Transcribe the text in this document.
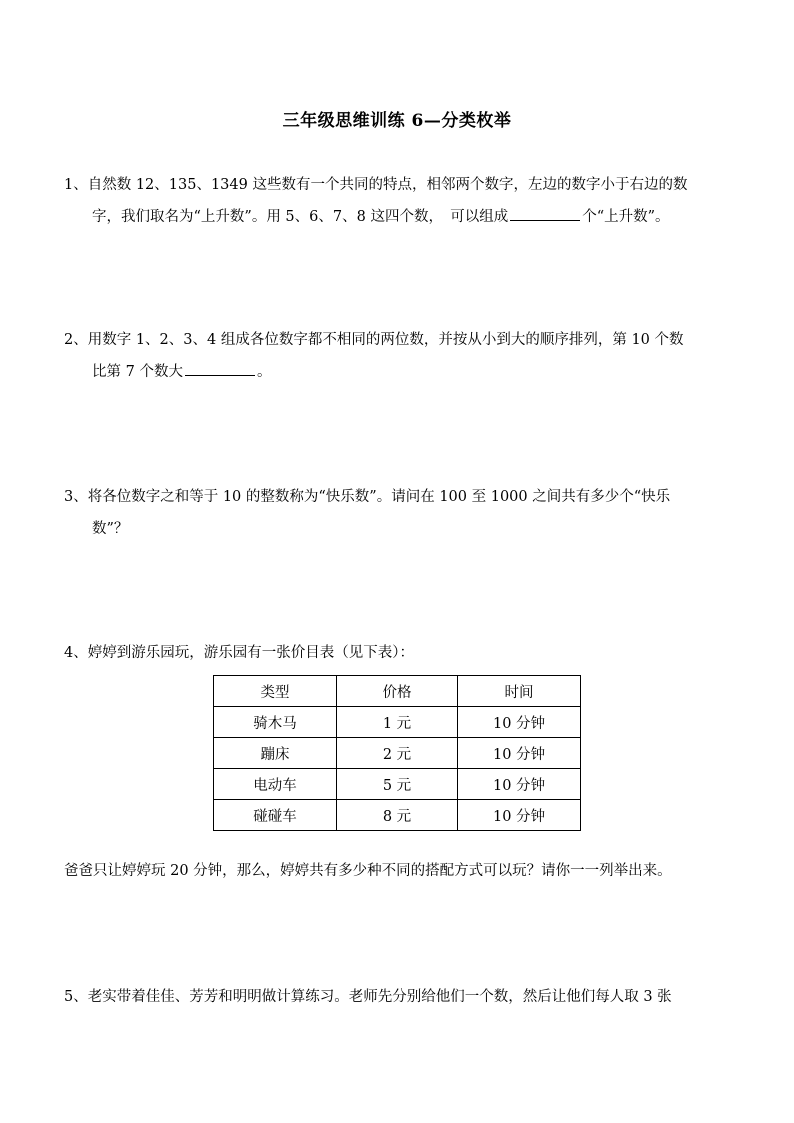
三年级思维训练 6—分类枚举
1、自然数 12、135、1349 这些数有一个共同的特点，相邻两个数字，左边的数字小于右边的数
字，我们取名为“上升数”。用 5、6、7、8 这四个数，　可以组成	个“上升数”。
2、用数字 1、2、3、4 组成各位数字都不相同的两位数，并按从小到大的顺序排列，第 10 个数
比第 7 个数大	。
3、将各位数字之和等于 10 的整数称为“快乐数”。请问在 100 至 1000 之间共有多少个“快乐
数”？
4、婷婷到游乐园玩，游乐园有一张价目表（见下表）：
类型	价格	时间
骑木马	1 元	10 分钟
蹦床	2 元	10 分钟
电动车	5 元	10 分钟
碰碰车	8 元	10 分钟
爸爸只让婷婷玩 20 分钟，那么，婷婷共有多少种不同的搭配方式可以玩？请你一一列举出来。
5、老实带着佳佳、芳芳和明明做计算练习。老师先分别给他们一个数，然后让他们每人取 3 张
